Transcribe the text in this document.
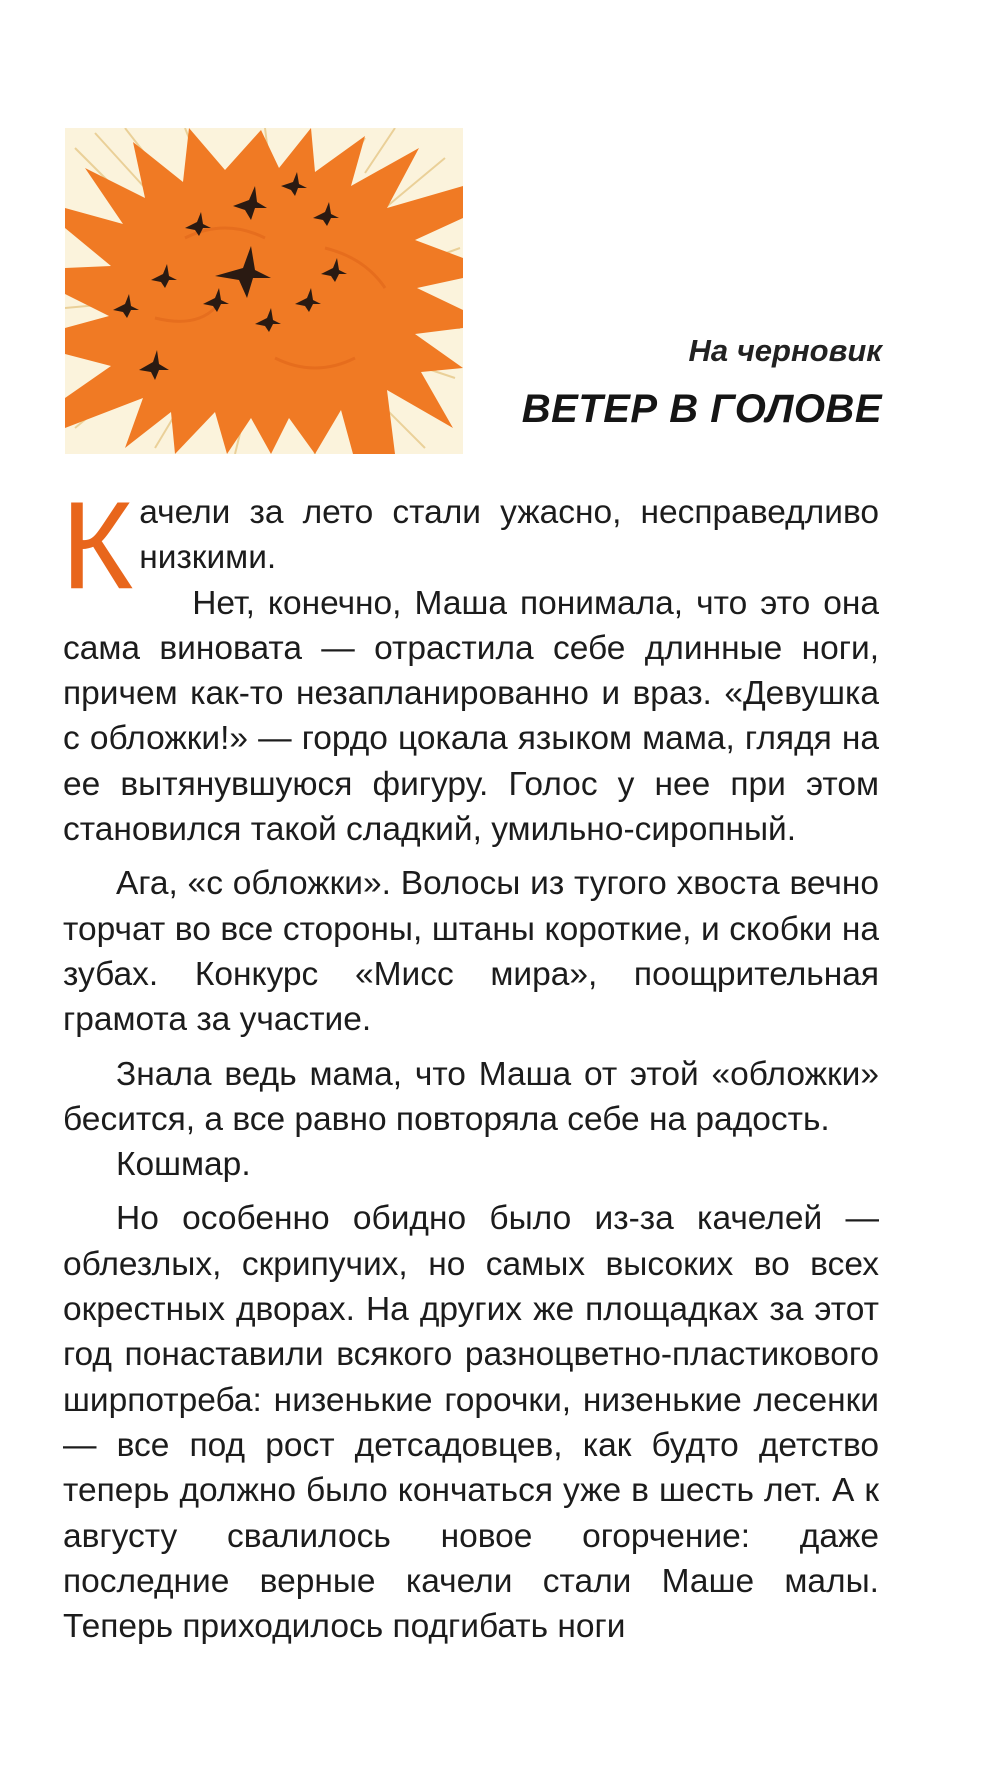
На черновик
ВЕТЕР В ГОЛОВЕ

К ачели за лето стали ужасно, несправедливо низкими.

Нет, конечно, Маша понимала, что это она сама виновата — отрастила себе длинные ноги, причем как-то незапланированно и враз. «Девушка с обложки!» — гордо цокала языком мама, глядя на ее вытянувшуюся фигуру. Голос у нее при этом становился такой сладкий, умильно-сиропный.

Ага, «с обложки». Волосы из тугого хвоста вечно торчат во все стороны, штаны короткие, и скобки на зубах. Конкурс «Мисс мира», поощрительная грамота за участие.

Знала ведь мама, что Маша от этой «обложки» бесится, а все равно повторяла себе на радость.

Кошмар.

Но особенно обидно было из-за качелей — облезлых, скрипучих, но самых высоких во всех окрестных дворах. На других же площадках за этот год понаставили всякого разноцветно-пластикового ширпотреба: низенькие горочки, низенькие лесенки — все под рост детсадовцев, как будто детство теперь должно было кончаться уже в шесть лет. А к августу свалилось новое огорчение: даже последние верные качели стали Маше малы. Теперь приходилось подгибать ноги
